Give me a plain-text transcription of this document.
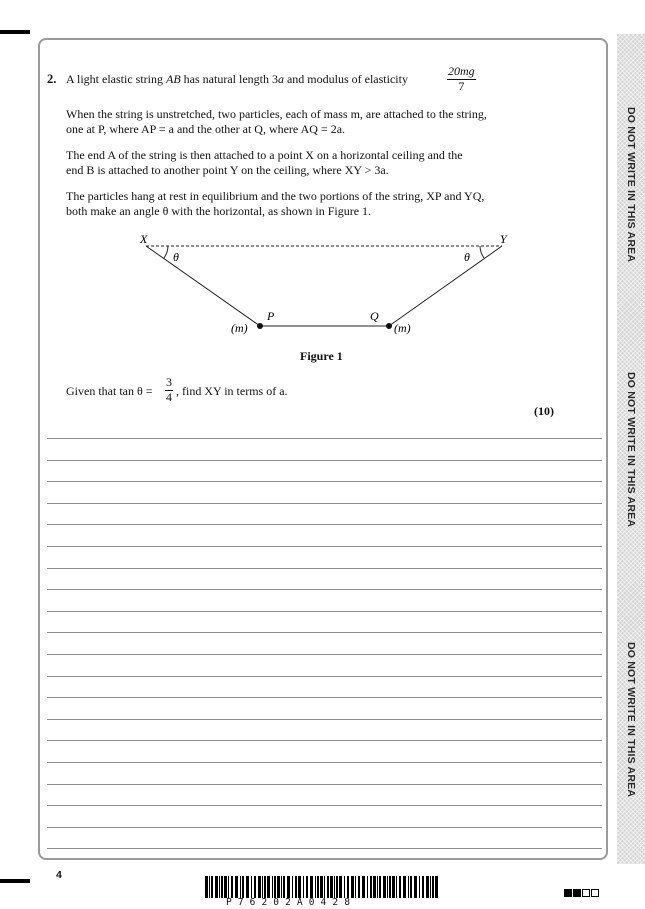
DO NOT WRITE IN THIS AREA
DO NOT WRITE IN THIS AREA
DO NOT WRITE IN THIS AREA
2. A light elastic string AB has natural length 3a and modulus of elasticity	$\frac{20mg}{7}$
When the string is unstretched, two particles, each of mass m, are attached to the string,
one at P, where AP = a and the other at Q, where AQ = 2a.
The end A of the string is then attached to a point X on a horizontal ceiling and the
end B is attached to another point Y on the ceiling, where XY > 3a.
The particles hang at rest in equilibrium and the two portions of the string, XP and YQ,
both make an angle θ with the horizontal, as shown in Figure 1.
X	Y
θ	θ
P	Q
(m)	(m)
Figure 1
Given that $\tan \theta = \frac{3}{4}$ , find XY in terms of a.
(10)
4
P76202A0428
